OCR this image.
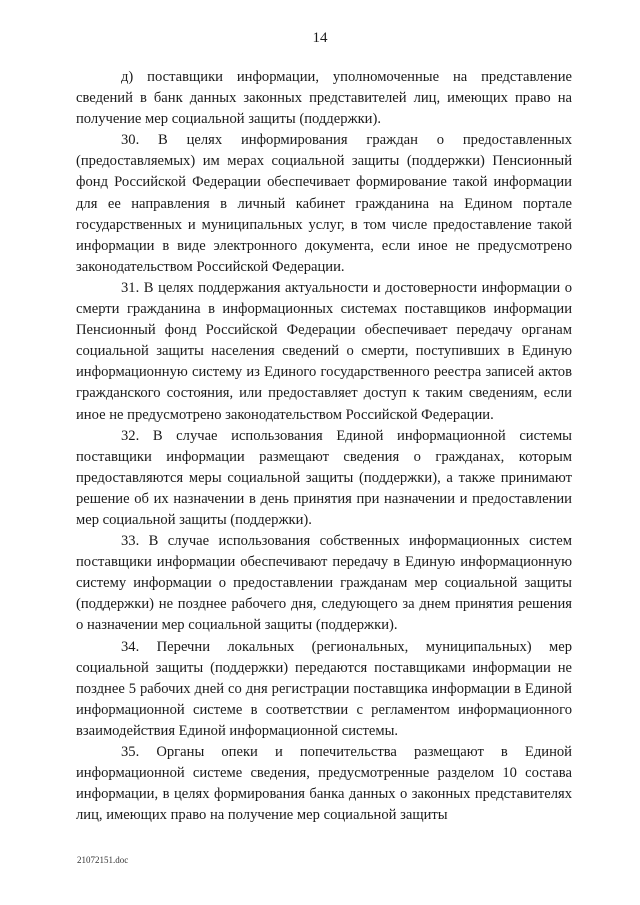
14

д) поставщики информации, уполномоченные на представление сведений в банк данных законных представителей лиц, имеющих право на получение мер социальной защиты (поддержки).

30. В целях информирования граждан о предоставленных (предоставляемых) им мерах социальной защиты (поддержки) Пенсионный фонд Российской Федерации обеспечивает формирование такой информации для ее направления в личный кабинет гражданина на Едином портале государственных и муниципальных услуг, в том числе предоставление такой информации в виде электронного документа, если иное не предусмотрено законодательством Российской Федерации.

31. В целях поддержания актуальности и достоверности информации о смерти гражданина в информационных системах поставщиков информации Пенсионный фонд Российской Федерации обеспечивает передачу органам социальной защиты населения сведений о смерти, поступивших в Единую информационную систему из Единого государственного реестра записей актов гражданского состояния, или предоставляет доступ к таким сведениям, если иное не предусмотрено законодательством Российской Федерации.

32. В случае использования Единой информационной системы поставщики информации размещают сведения о гражданах, которым предоставляются меры социальной защиты (поддержки), а также принимают решение об их назначении в день принятия при назначении и предоставлении мер социальной защиты (поддержки).

33. В случае использования собственных информационных систем поставщики информации обеспечивают передачу в Единую информационную систему информации о предоставлении гражданам мер социальной защиты (поддержки) не позднее рабочего дня, следующего за днем принятия решения о назначении мер социальной защиты (поддержки).

34. Перечни локальных (региональных, муниципальных) мер социальной защиты (поддержки) передаются поставщиками информации не позднее 5 рабочих дней со дня регистрации поставщика информации в Единой информационной системе в соответствии с регламентом информационного взаимодействия Единой информационной системы.

35. Органы опеки и попечительства размещают в Единой информационной системе сведения, предусмотренные разделом 10 состава информации, в целях формирования банка данных о законных представителях лиц, имеющих право на получение мер социальной защиты

21072151.doc
